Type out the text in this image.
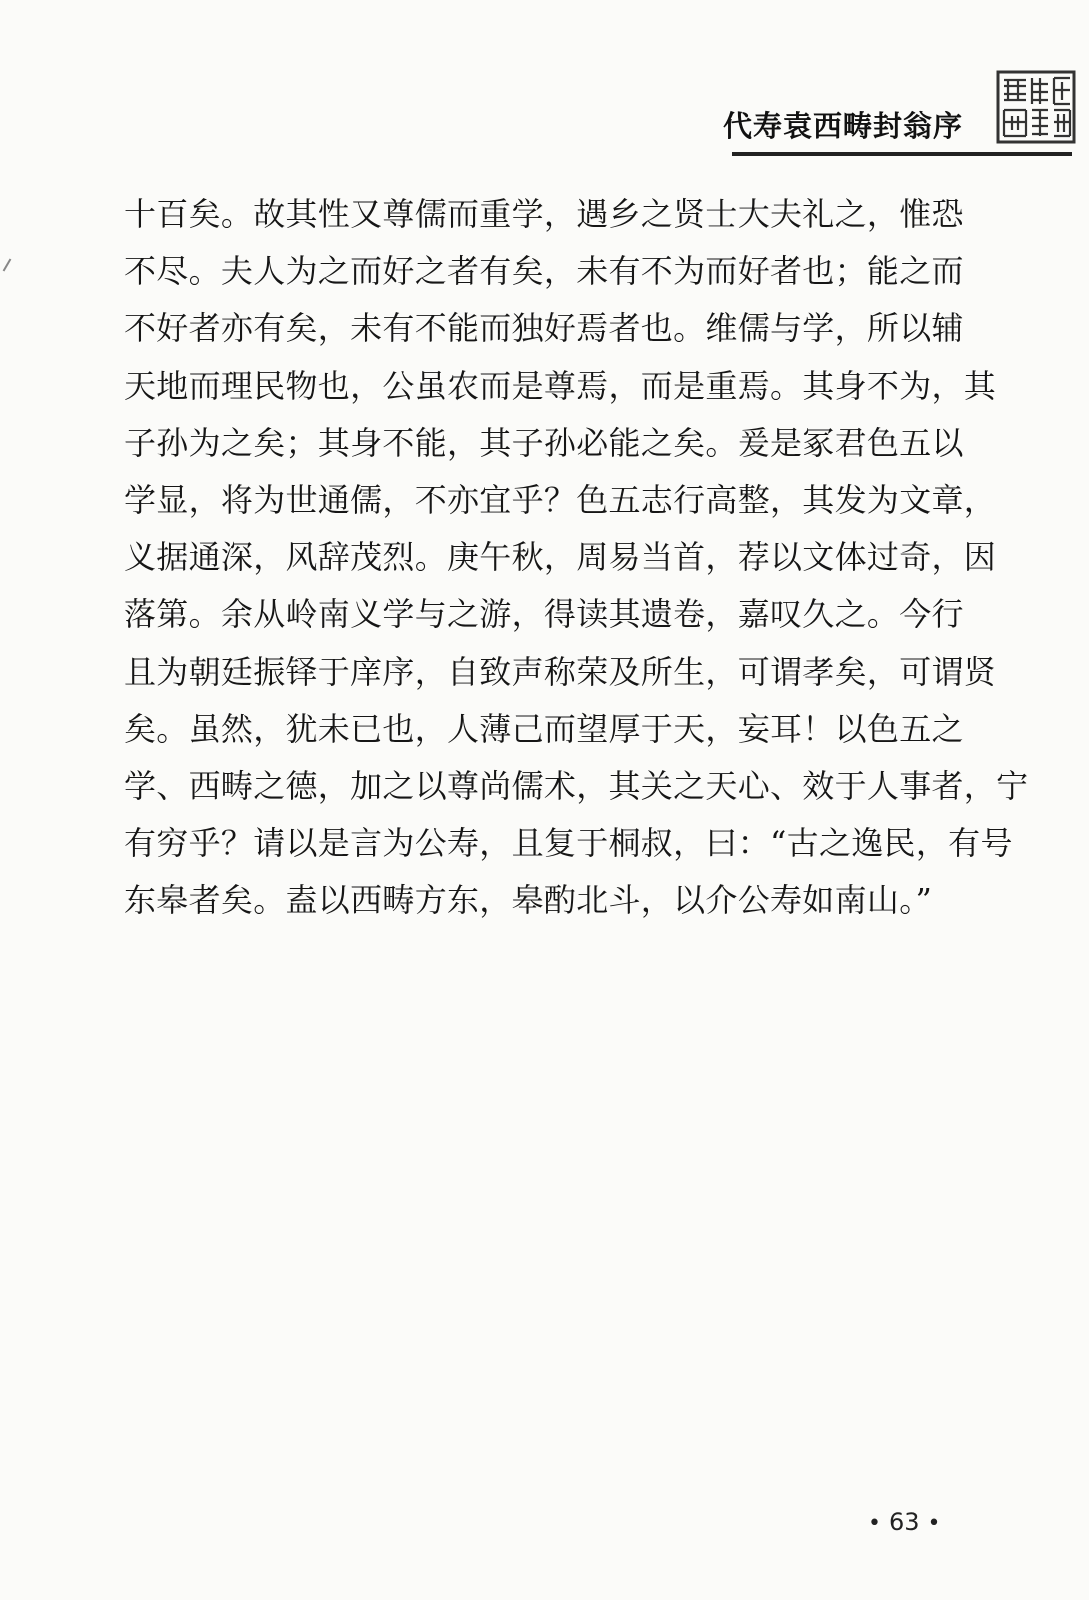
代寿袁西畴封翁序
十百矣。故其性又尊儒而重学，遇乡之贤士大夫礼之，惟恐
不尽。夫人为之而好之者有矣，未有不为而好者也；能之而
不好者亦有矣，未有不能而独好焉者也。维儒与学，所以辅
天地而理民物也，公虽农而是尊焉，而是重焉。其身不为，其
子孙为之矣；其身不能，其子孙必能之矣。爰是冢君色五以
学显，将为世通儒，不亦宜乎？色五志行高整，其发为文章，
义据通深，风辞茂烈。庚午秋，周易当首，荐以文体过奇，因
落第。余从岭南义学与之游，得读其遗卷，嘉叹久之。今行
且为朝廷振铎于庠序，自致声称荣及所生，可谓孝矣，可谓贤
矣。虽然，犹未已也，人薄己而望厚于天，妄耳！以色五之
学、西畴之德，加之以尊尚儒术，其关之天心、效于人事者，宁
有穷乎？请以是言为公寿，且复于桐叔，曰：“古之逸民，有号
东皋者矣。盍以西畴方东，皋酌北斗，以介公寿如南山。”
• 63 •
